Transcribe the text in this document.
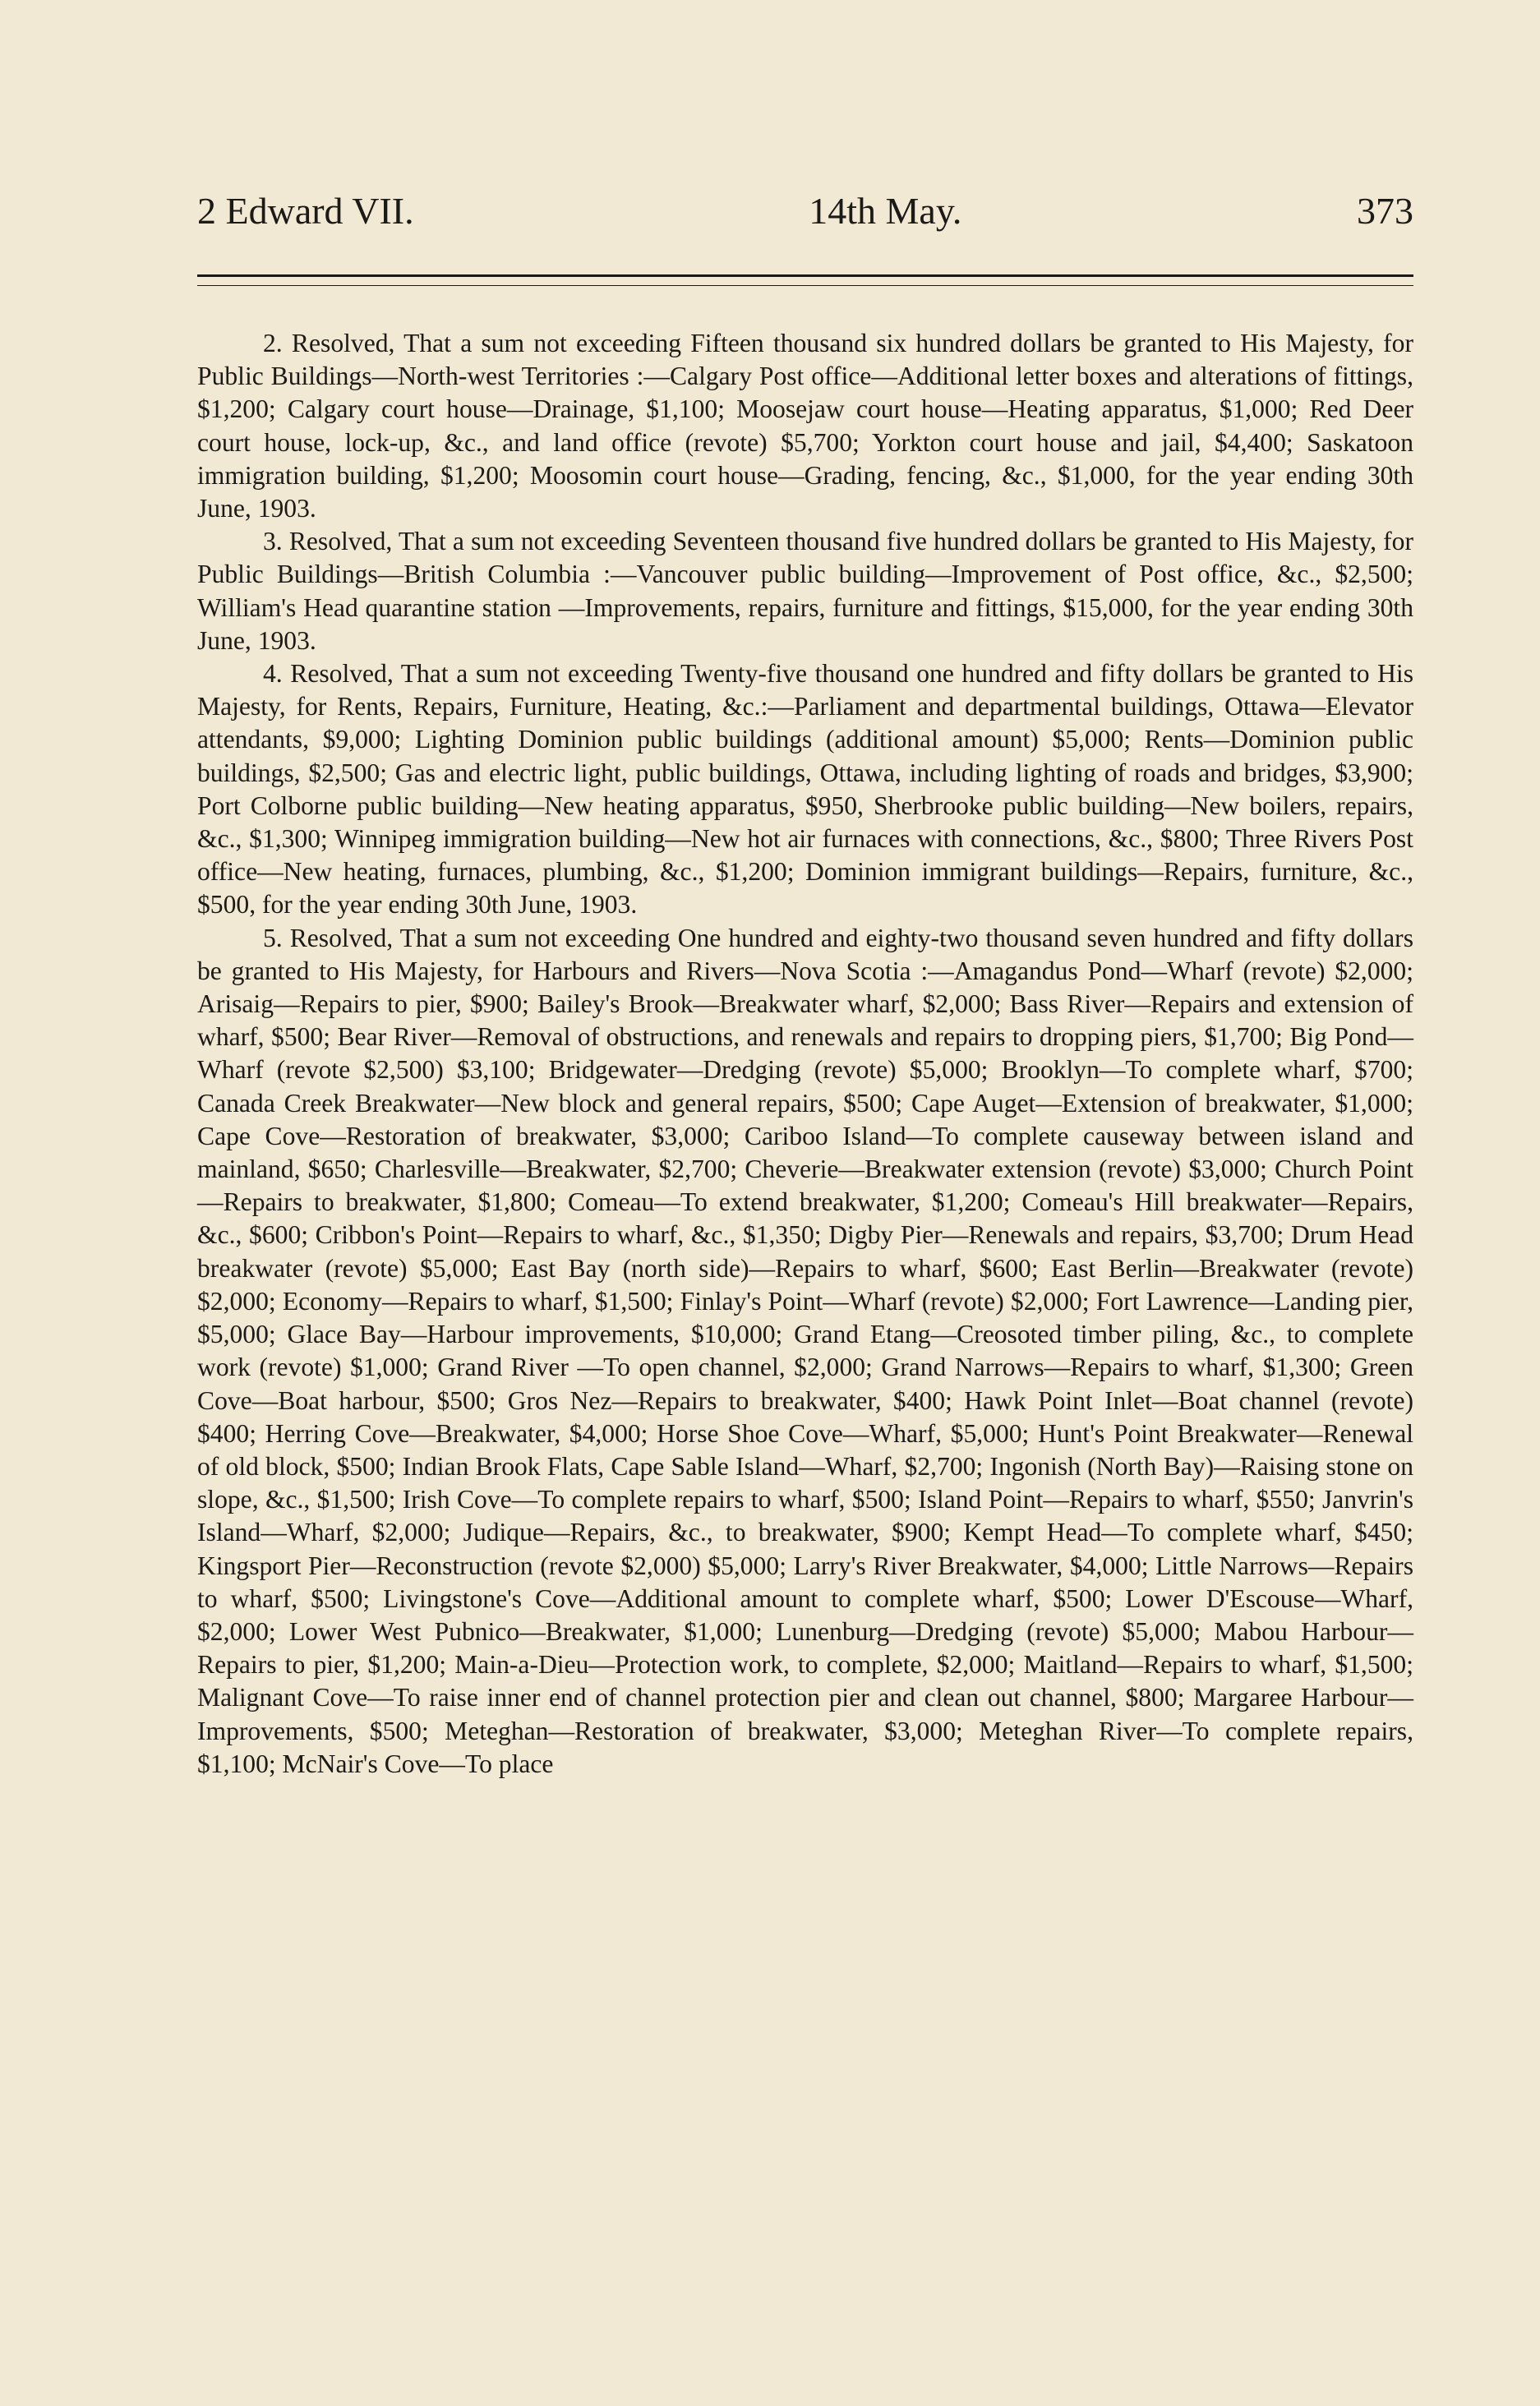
2 Edward VII.	14th May.	373

2. Resolved, That a sum not exceeding Fifteen thousand six hundred dollars be granted to His Majesty, for Public Buildings—North-west Territories :—Calgary Post office—Additional letter boxes and alterations of fittings, $1,200; Calgary court house—Drainage, $1,100; Moosejaw court house—Heating apparatus, $1,000; Red Deer court house, lock-up, &c., and land office (revote) $5,700; Yorkton court house and jail, $4,400; Saskatoon immigration building, $1,200; Moosomin court house—Grading, fencing, &c., $1,000, for the year ending 30th June, 1903.

3. Resolved, That a sum not exceeding Seventeen thousand five hundred dollars be granted to His Majesty, for Public Buildings—British Columbia :—Vancouver public building—Improvement of Post office, &c., $2,500; William's Head quarantine station —Improvements, repairs, furniture and fittings, $15,000, for the year ending 30th June, 1903.

4. Resolved, That a sum not exceeding Twenty-five thousand one hundred and fifty dollars be granted to His Majesty, for Rents, Repairs, Furniture, Heating, &c.:—Parliament and departmental buildings, Ottawa—Elevator attendants, $9,000; Lighting Dominion public buildings (additional amount) $5,000; Rents—Dominion public buildings, $2,500; Gas and electric light, public buildings, Ottawa, including lighting of roads and bridges, $3,900; Port Colborne public building—New heating apparatus, $950, Sherbrooke public building—New boilers, repairs, &c., $1,300; Winnipeg immigration building—New hot air furnaces with connections, &c., $800; Three Rivers Post office—New heating, furnaces, plumbing, &c., $1,200; Dominion immigrant buildings—Repairs, furniture, &c., $500, for the year ending 30th June, 1903.

5. Resolved, That a sum not exceeding One hundred and eighty-two thousand seven hundred and fifty dollars be granted to His Majesty, for Harbours and Rivers—Nova Scotia :—Amagandus Pond—Wharf (revote) $2,000; Arisaig—Repairs to pier, $900; Bailey's Brook—Breakwater wharf, $2,000; Bass River—Repairs and extension of wharf, $500; Bear River—Removal of obstructions, and renewals and repairs to dropping piers, $1,700; Big Pond—Wharf (revote $2,500) $3,100; Bridgewater—Dredging (revote) $5,000; Brooklyn—To complete wharf, $700; Canada Creek Breakwater—New block and general repairs, $500; Cape Auget—Extension of breakwater, $1,000; Cape Cove—Restoration of breakwater, $3,000; Cariboo Island—To complete causeway between island and mainland, $650; Charlesville—Breakwater, $2,700; Cheverie—Breakwater extension (revote) $3,000; Church Point—Repairs to breakwater, $1,800; Comeau—To extend breakwater, $1,200; Comeau's Hill breakwater—Repairs, &c., $600; Cribbon's Point—Repairs to wharf, &c., $1,350; Digby Pier—Renewals and repairs, $3,700; Drum Head breakwater (revote) $5,000; East Bay (north side)—Repairs to wharf, $600; East Berlin—Breakwater (revote) $2,000; Economy—Repairs to wharf, $1,500; Finlay's Point—Wharf (revote) $2,000; Fort Lawrence—Landing pier, $5,000; Glace Bay—Harbour improvements, $10,000; Grand Etang—Creosoted timber piling, &c., to complete work (revote) $1,000; Grand River —To open channel, $2,000; Grand Narrows—Repairs to wharf, $1,300; Green Cove—Boat harbour, $500; Gros Nez—Repairs to breakwater, $400; Hawk Point Inlet—Boat channel (revote) $400; Herring Cove—Breakwater, $4,000; Horse Shoe Cove—Wharf, $5,000; Hunt's Point Breakwater—Renewal of old block, $500; Indian Brook Flats, Cape Sable Island—Wharf, $2,700; Ingonish (North Bay)—Raising stone on slope, &c., $1,500; Irish Cove—To complete repairs to wharf, $500; Island Point—Repairs to wharf, $550; Janvrin's Island—Wharf, $2,000; Judique—Repairs, &c., to breakwater, $900; Kempt Head—To complete wharf, $450; Kingsport Pier—Reconstruction (revote $2,000) $5,000; Larry's River Breakwater, $4,000; Little Narrows—Repairs to wharf, $500; Livingstone's Cove—Additional amount to complete wharf, $500; Lower D'Escouse—Wharf, $2,000; Lower West Pubnico—Breakwater, $1,000; Lunenburg—Dredging (revote) $5,000; Mabou Harbour—Repairs to pier, $1,200; Main-a-Dieu—Protection work, to complete, $2,000; Maitland—Repairs to wharf, $1,500; Malignant Cove—To raise inner end of channel protection pier and clean out channel, $800; Margaree Harbour—Improvements, $500; Meteghan—Restoration of breakwater, $3,000; Meteghan River—To complete repairs, $1,100; McNair's Cove—To place
